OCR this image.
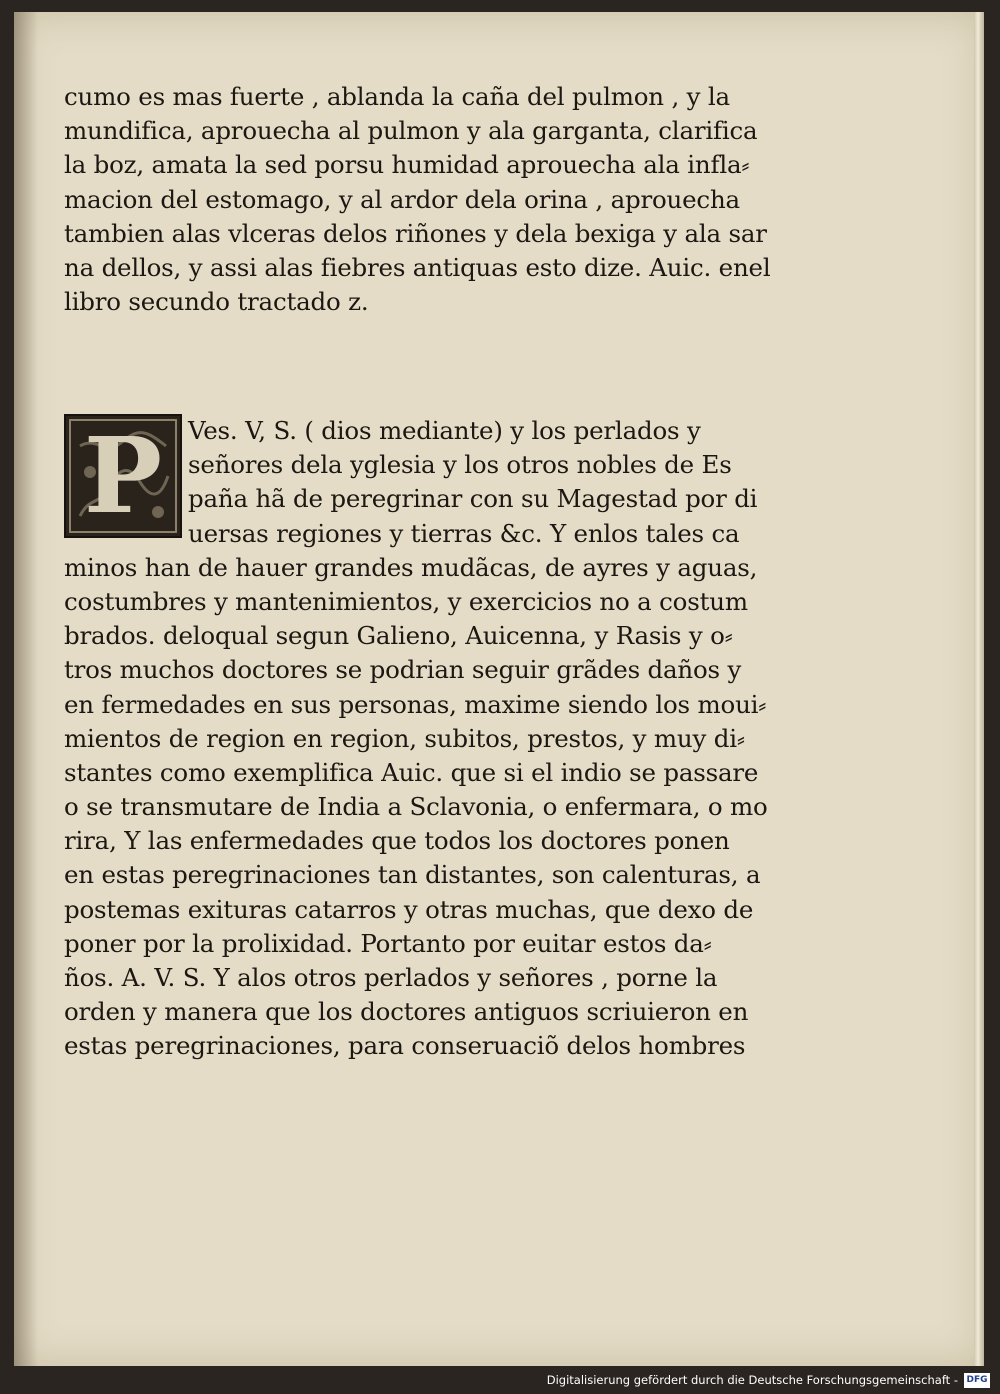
cumo es mas fuerte , ablanda la caña del pulmon , y la
mundifica, aprouecha al pulmon y ala garganta, clarifica
la boz, amata la sed porsu humidad aprouecha ala infla⸗
macion del estomago, y al ardor dela orina , aprouecha
tambien alas vlceras delos riñones y dela bexiga y ala sar
na dellos, y assi alas fiebres antiquas esto dize. Auic. enel
libro secundo tractado z.
P	Ves. V, S. ( dios mediante) y los perlados y
señores dela yglesia y los otros nobles de Es
paña hã de peregrinar con su Magestad por di
uersas regiones y tierras &c. Y enlos tales ca
minos han de hauer grandes mudãcas, de ayres y aguas,
costumbres y mantenimientos, y exercicios no a costum
brados. deloqual segun Galieno, Auicenna, y Rasis y o⸗
tros muchos doctores se podrian seguir grãdes daños y
en fermedades en sus personas, maxime siendo los moui⸗
mientos de region en region, subitos, prestos, y muy di⸗
stantes como exemplifica Auic. que si el indio se passare
o se transmutare de India a Sclavonia, o enfermara, o mo
rira, Y las enfermedades que todos los doctores ponen
en estas peregrinaciones tan distantes, son calenturas, a
postemas exituras catarros y otras muchas, que dexo de
poner por la prolixidad. Portanto por euitar estos da⸗
ños. A. V. S. Y alos otros perlados y señores , porne la
orden y manera que los doctores antiguos scriuieron en
estas peregrinaciones, para conseruaciõ delos hombres
Digitalisierung gefördert durch die Deutsche Forschungsgemeinschaft - DFG
